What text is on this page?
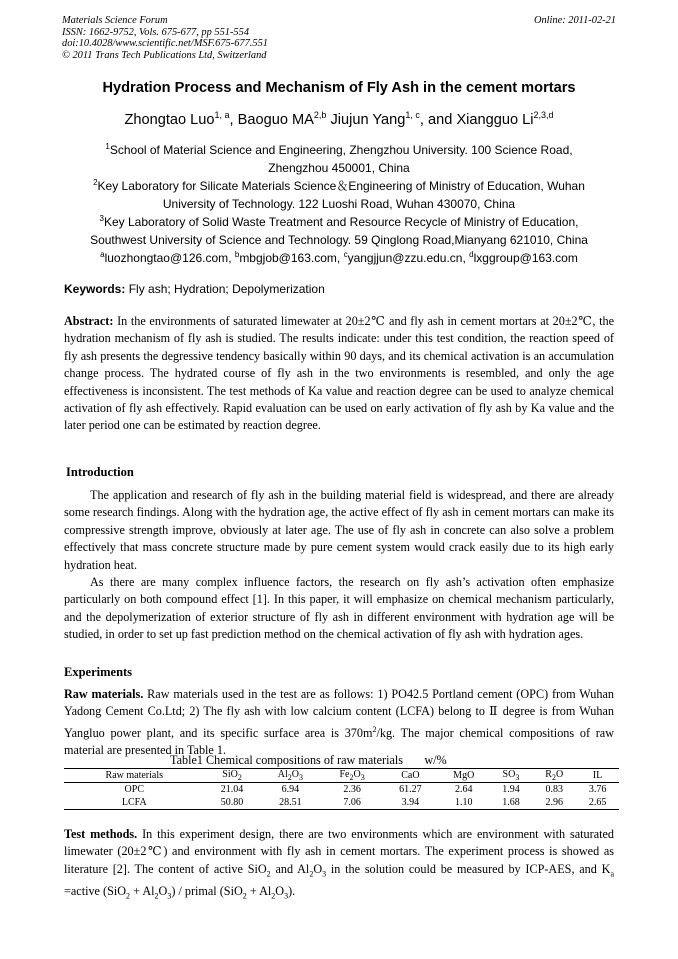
Materials Science Forum
ISSN: 1662-9752, Vols. 675-677, pp 551-554
doi:10.4028/www.scientific.net/MSF.675-677.551
© 2011 Trans Tech Publications Ltd, Switzerland
Online: 2011-02-21
Hydration Process and Mechanism of Fly Ash in the cement mortars
Zhongtao Luo$^{1, a}$, Baoguo MA$^{2,b}$ Jiujun Yang$^{1, c}$, and Xiangguo Li$^{2,3,d}$
$^1$School of Material Science and Engineering, Zhengzhou University. 100 Science Road, Zhengzhou 450001, China
$^2$Key Laboratory for Silicate Materials Science＆Engineering of Ministry of Education, Wuhan University of Technology. 122 Luoshi Road, Wuhan 430070, China
$^3$Key Laboratory of Solid Waste Treatment and Resource Recycle of Ministry of Education, Southwest University of Science and Technology. 59 Qinglong Road,Mianyang 621010, China
$^a$luozhongtao@126.com, $^b$mbgjob@163.com, $^c$yangjjun@zzu.edu.cn, $^d$lxggroup@163.com
Keywords: Fly ash; Hydration; Depolymerization
Abstract: In the environments of saturated limewater at 20±2℃ and fly ash in cement mortars at 20±2℃, the hydration mechanism of fly ash is studied. The results indicate: under this test condition, the reaction speed of fly ash presents the degressive tendency basically within 90 days, and its chemical activation is an accumulation change process. The hydrated course of fly ash in the two environments is resembled, and only the age effectiveness is inconsistent. The test methods of Ka value and reaction degree can be used to analyze chemical activation of fly ash effectively. Rapid evaluation can be used on early activation of fly ash by Ka value and the later period one can be estimated by reaction degree.
Introduction

The application and research of fly ash in the building material field is widespread, and there are already some research findings. Along with the hydration age, the active effect of fly ash in cement mortars can make its compressive strength improve, obviously at later age. The use of fly ash in concrete can also solve a problem effectively that mass concrete structure made by pure cement system would crack easily due to its high early hydration heat.

As there are many complex influence factors, the research on fly ash’s activation often emphasize particularly on both compound effect [1]. In this paper, it will emphasize on chemical mechanism particularly, and the depolymerization of exterior structure of fly ash in different environment with hydration age will be studied, in order to set up fast prediction method on the chemical activation of fly ash with hydration ages.

Experiments
Raw materials. Raw materials used in the test are as follows: 1) PO42.5 Portland cement (OPC) from Wuhan Yadong Cement Co.Ltd; 2) The fly ash with low calcium content (LCFA) belong to Ⅱ degree is from Wuhan Yangluo power plant, and its specific surface area is $370m^2/kg$. The major chemical compositions of raw material are presented in Table 1.
Table1 Chemical compositions of raw materials w/%
Raw materials	SiO$_2$	$Al_2O_3$	$Fe_2O_3$	CaO	MgO	$SO_3$	$R_2O$	IL
OPC	21.04	6.94	2.36	61.27	2.64	1.94	0.83	3.76
LCFA	50.80	28.51	7.06	3.94	1.10	1.68	2.96	2.65
Test methods. In this experiment design, there are two environments which are environment with saturated limewater (20±2℃) and environment with fly ash in cement mortars. The experiment process is showed as literature [2]. The content of active SiO$_2$ and $Al_2O_3$ in the solution could be measured by ICP-AES, and $K_a$ =active $(SiO_2 + Al_2O_3)$ / primal $(SiO_2 + Al_2O_3)$.
